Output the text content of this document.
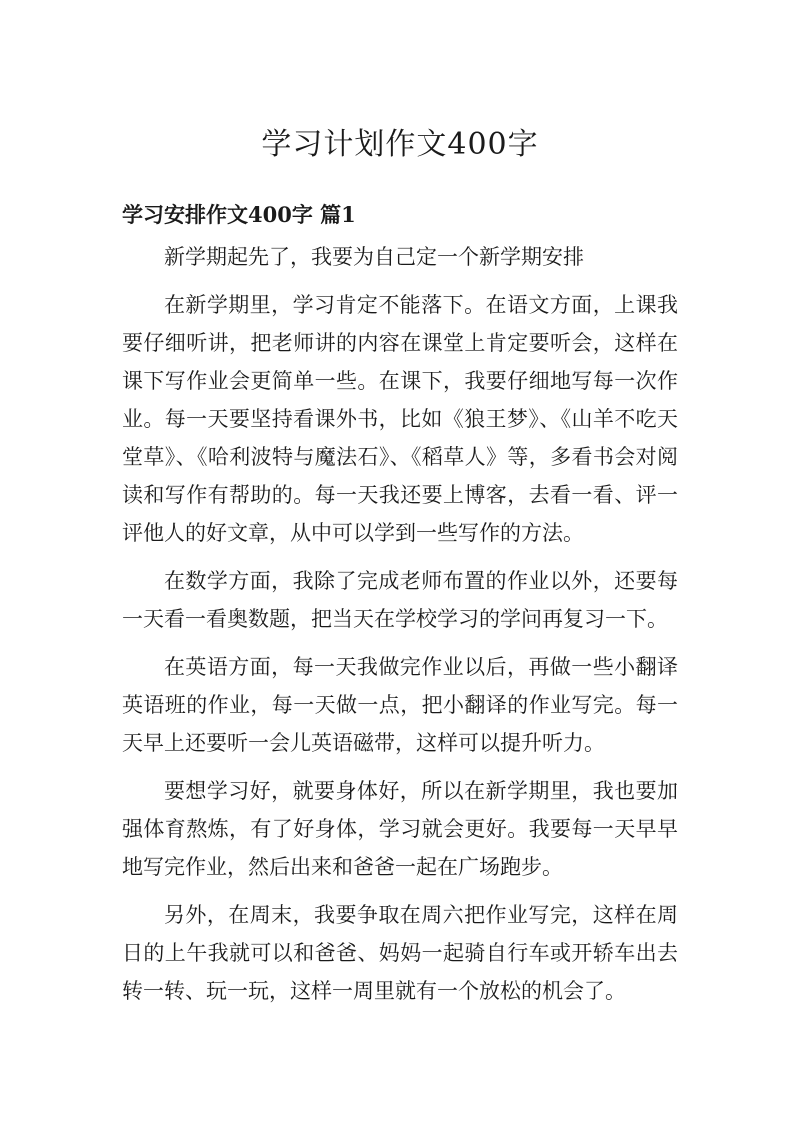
学习计划作文400字
学习安排作文400字 篇1

新学期起先了，我要为自己定一个新学期安排

在新学期里，学习肯定不能落下。在语文方面，上课我
要仔细听讲，把老师讲的内容在课堂上肯定要听会，这样在
课下写作业会更简单一些。在课下，我要仔细地写每一次作
业。每一天要坚持看课外书，比如《狼王梦》、《山羊不吃天
堂草》、《哈利波特与魔法石》、《稻草人》等，多看书会对阅
读和写作有帮助的。每一天我还要上博客，去看一看、评一
评他人的好文章，从中可以学到一些写作的方法。

在数学方面，我除了完成老师布置的作业以外，还要每
一天看一看奥数题，把当天在学校学习的学问再复习一下。

在英语方面，每一天我做完作业以后，再做一些小翻译
英语班的作业，每一天做一点，把小翻译的作业写完。每一
天早上还要听一会儿英语磁带，这样可以提升听力。

要想学习好，就要身体好，所以在新学期里，我也要加
强体育熬炼，有了好身体，学习就会更好。我要每一天早早
地写完作业，然后出来和爸爸一起在广场跑步。

另外，在周末，我要争取在周六把作业写完，这样在周
日的上午我就可以和爸爸、妈妈一起骑自行车或开轿车出去
转一转、玩一玩，这样一周里就有一个放松的机会了。
